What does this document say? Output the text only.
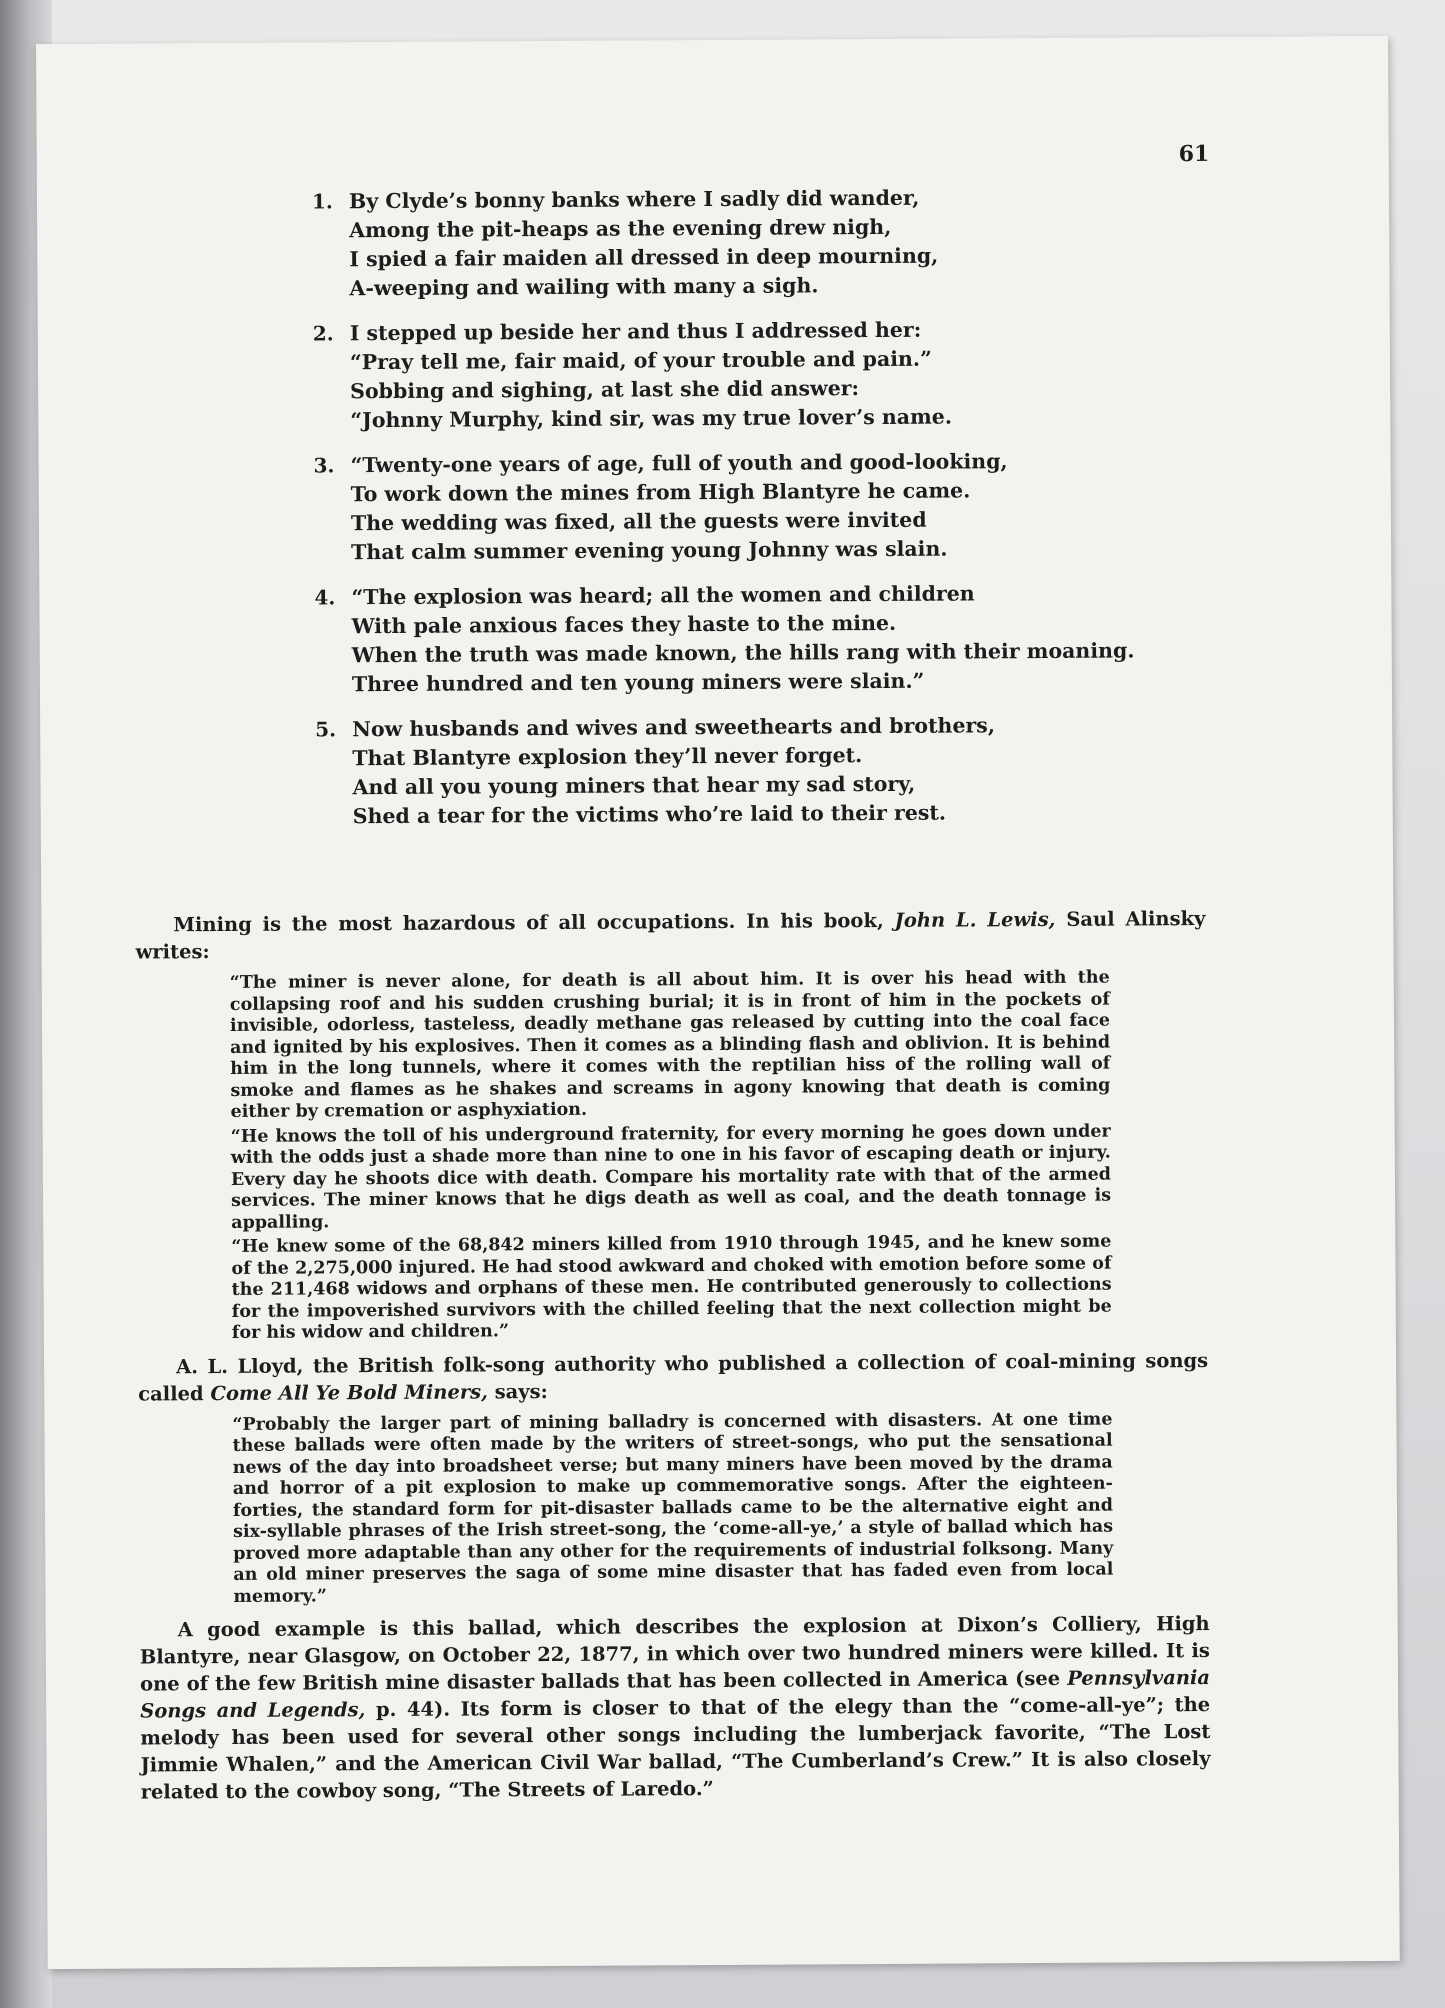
61
1. By Clyde’s bonny banks where I sadly did wander,
Among the pit-heaps as the evening drew nigh,
I spied a fair maiden all dressed in deep mourning,
A-weeping and wailing with many a sigh.
2. I stepped up beside her and thus I addressed her:
“Pray tell me, fair maid, of your trouble and pain.”
Sobbing and sighing, at last she did answer:
“Johnny Murphy, kind sir, was my true lover’s name.
3. “Twenty-one years of age, full of youth and good-looking,
To work down the mines from High Blantyre he came.
The wedding was fixed, all the guests were invited
That calm summer evening young Johnny was slain.
4. “The explosion was heard; all the women and children
With pale anxious faces they haste to the mine.
When the truth was made known, the hills rang with their moaning.
Three hundred and ten young miners were slain.”
5. Now husbands and wives and sweethearts and brothers,
That Blantyre explosion they’ll never forget.
And all you young miners that hear my sad story,
Shed a tear for the victims who’re laid to their rest.

Mining is the most hazardous of all occupations. In his book, John L. Lewis, Saul Alinsky writes:

“The miner is never alone, for death is all about him. It is over his head with the collapsing roof and his sudden crushing burial; it is in front of him in the pockets of invisible, odorless, tasteless, deadly methane gas released by cutting into the coal face and ignited by his explosives. Then it comes as a blinding flash and oblivion. It is behind him in the long tunnels, where it comes with the reptilian hiss of the rolling wall of smoke and flames as he shakes and screams in agony knowing that death is coming either by cremation or asphyxiation.

“He knows the toll of his underground fraternity, for every morning he goes down under with the odds just a shade more than nine to one in his favor of escaping death or injury. Every day he shoots dice with death. Compare his mortality rate with that of the armed services. The miner knows that he digs death as well as coal, and the death tonnage is appalling.

“He knew some of the 68,842 miners killed from 1910 through 1945, and he knew some of the 2,275,000 injured. He had stood awkward and choked with emotion before some of the 211,468 widows and orphans of these men. He contributed generously to collections for the impoverished survivors with the chilled feeling that the next collection might be for his widow and children.”

A. L. Lloyd, the British folk-song authority who published a collection of coal-mining songs called Come All Ye Bold Miners, says:

“Probably the larger part of mining balladry is concerned with disasters. At one time these ballads were often made by the writers of street-songs, who put the sensational news of the day into broadsheet verse; but many miners have been moved by the drama and horror of a pit explosion to make up commemorative songs. After the eighteen-forties, the standard form for pit-disaster ballads came to be the alternative eight and six-syllable phrases of the Irish street-song, the ‘come-all-ye,’ a style of ballad which has proved more adaptable than any other for the requirements of industrial folksong. Many an old miner preserves the saga of some mine disaster that has faded even from local memory.”

A good example is this ballad, which describes the explosion at Dixon’s Colliery, High Blantyre, near Glasgow, on October 22, 1877, in which over two hundred miners were killed. It is one of the few British mine disaster ballads that has been collected in America (see Pennsylvania Songs and Legends, p. 44). Its form is closer to that of the elegy than the “come-all-ye”; the melody has been used for several other songs including the lumberjack favorite, “The Lost Jimmie Whalen,” and the American Civil War ballad, “The Cumberland’s Crew.” It is also closely related to the cowboy song, “The Streets of Laredo.”
